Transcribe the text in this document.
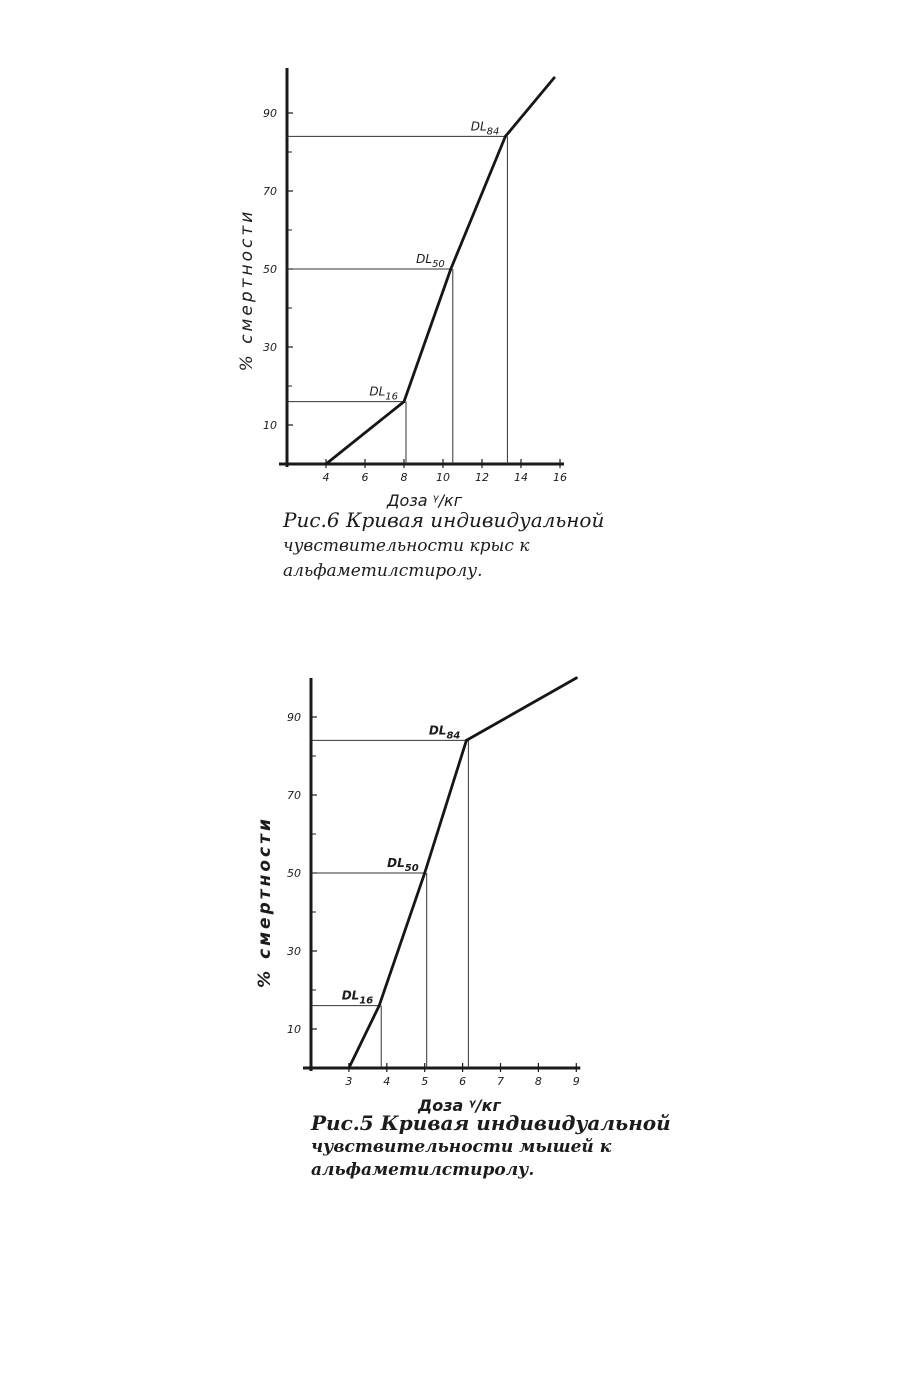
10
30
50
70
90
4	6	8	10 12 14 16
Доза ᵞ/кг
% смертности
$DL_{16}$
$DL_{50}$
$DL_{84}$
10
30
50
70
90
3	4	5	6	7	8	9
Доза ᵞ/кг
% смертности
$DL_{16}$
$DL_{50}$
$DL_{84}$
Рис.6 Кривая индивидуальной
чувствительности крыс к
альфаметилстиролу.
Рис.5 Кривая индивидуальной
чувствительности мышей к
альфаметилстиролу.
